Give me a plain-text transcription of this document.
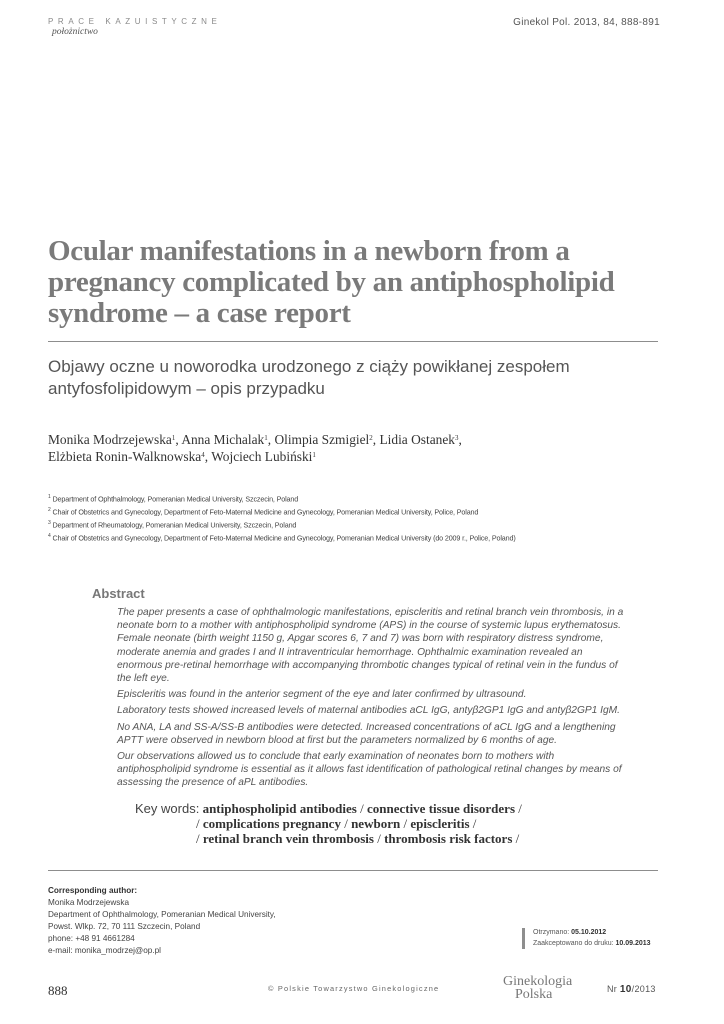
PRACE KAZUISTYCZNE
położnictwo
Ginekol Pol. 2013, 84, 888-891
Ocular manifestations in a newborn from a pregnancy complicated by an antiphospholipid syndrome – a case report
Objawy oczne u noworodka urodzonego z ciąży powikłanej zespołem antyfosfolipidowym – opis przypadku
Monika Modrzejewska$^1$, Anna Michalak$^1$, Olimpia Szmigiel$^2$, Lidia Ostanek$^3$,
Elżbieta Ronin-Walknowska$^4$, Wojciech Lubiński$^1$
$^1$ Department of Ophthalmology, Pomeranian Medical University, Szczecin, Poland
$^2$ Chair of Obstetrics and Gynecology, Department of Feto-Maternal Medicine and Gynecology, Pomeranian Medical University, Police, Poland
$^3$ Department of Rheumatology, Pomeranian Medical University, Szczecin, Poland
$^4$ Chair of Obstetrics and Gynecology, Department of Feto-Maternal Medicine and Gynecology, Pomeranian Medical University (do 2009 r., Police, Poland)
Abstract

The paper presents a case of ophthalmologic manifestations, episcleritis and retinal branch vein thrombosis, in a neonate born to a mother with antiphospholipid syndrome (APS) in the course of systemic lupus erythematosus. Female neonate (birth weight 1150 g, Apgar scores 6, 7 and 7) was born with respiratory distress syndrome, moderate anemia and grades I and II intraventricular hemorrhage. Ophthalmic examination revealed an enormous pre-retinal hemorrhage with accompanying thrombotic changes typical of retinal vein in the fundus of the left eye.

Episcleritis was found in the anterior segment of the eye and later confirmed by ultrasound.

Laboratory tests showed increased levels of maternal antibodies aCL IgG, antyβ2GP1 IgG and antyβ2GP1 IgM.

No ANA, LA and SS-A/SS-B antibodies were detected. Increased concentrations of aCL IgG and a lengthening APTT were observed in newborn blood at first but the parameters normalized by 6 months of age.

Our observations allowed us to conclude that early examination of neonates born to mothers with antiphospholipid syndrome is essential as it allows fast identification of pathological retinal changes by means of assessing the presence of aPL antibodies.

Key words: antiphospholipid antibodies / connective tissue disorders /
/ complications pregnancy / newborn / episcleritis /
/ retinal branch vein thrombosis / thrombosis risk factors /
Corresponding author:
Monika Modrzejewska
Department of Ophthalmology, Pomeranian Medical University,
Powst. Wlkp. 72, 70 111 Szczecin, Poland
phone: +48 91 4661284
e-mail: monika_modrzej@op.pl
Otrzymano: 05.10.2012
Zaakceptowano do druku: 10.09.2013
888	© Polskie Towarzystwo Ginekologiczne	Ginekologia
Polska	Nr 10/2013
